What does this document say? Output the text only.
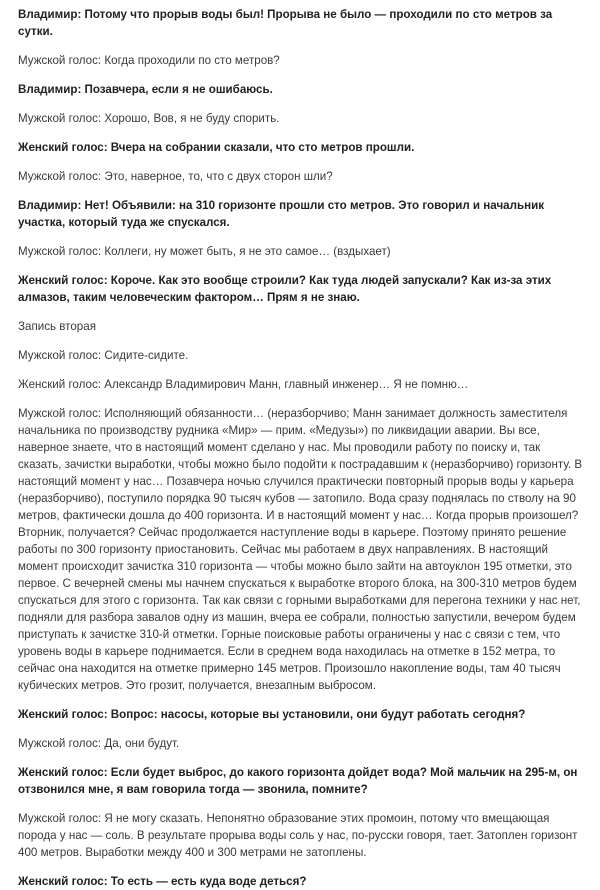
Владимир: Потому что прорыв воды был! Прорыва не было — проходили по сто метров за сутки.

Мужской голос: Когда проходили по сто метров?

Владимир: Позавчера, если я не ошибаюсь.

Мужской голос: Хорошо, Вов, я не буду спорить.

Женский голос: Вчера на собрании сказали, что сто метров прошли.

Мужской голос: Это, наверное, то, что с двух сторон шли?

Владимир: Нет! Объявили: на 310 горизонте прошли сто метров. Это говорил и начальник участка, который туда же спускался.

Мужской голос: Коллеги, ну может быть, я не это самое… (вздыхает)

Женский голос: Короче. Как это вообще строили? Как туда людей запускали? Как из-за этих алмазов, таким человеческим фактором… Прям я не знаю.

Запись вторая

Мужской голос: Сидите-сидите.

Женский голос: Александр Владимирович Манн, главный инженер… Я не помню…

Мужской голос: Исполняющий обязанности… (неразборчиво; Манн занимает должность заместителя начальника по производству рудника «Мир» — прим. «Медузы») по ликвидации аварии. Вы все, наверное знаете, что в настоящий момент сделано у нас. Мы проводили работу по поиску и, так сказать, зачистки выработки, чтобы можно было подойти к пострадавшим к (неразборчиво) горизонту. В настоящий момент у нас… Позавчера ночью случился практически повторный прорыв воды у карьера (неразборчиво), поступило порядка 90 тысяч кубов — затопило. Вода сразу поднялась по стволу на 90 метров, фактически дошла до 400 горизонта. И в настоящий момент у нас… Когда прорыв произошел? Вторник, получается? Сейчас продолжается наступление воды в карьере. Поэтому принято решение работы по 300 горизонту приостановить. Сейчас мы работаем в двух направлениях. В настоящий момент происходит зачистка 310 горизонта — чтобы можно было зайти на автоуклон 195 отметки, это первое. С вечерней смены мы начнем спускаться к выработке второго блока, на 300-310 метров будем спускаться для этого с горизонта. Так как связи с горными выработками для перегона техники у нас нет, подняли для разбора завалов одну из машин, вчера ее собрали, полностью запустили, вечером будем приступать к зачистке 310-й отметки. Горные поисковые работы ограничены у нас с связи с тем, что уровень воды в карьере поднимается. Если в среднем вода находилась на отметке в 152 метра, то сейчас она находится на отметке примерно 145 метров. Произошло накопление воды, там 40 тысяч кубических метров. Это грозит, получается, внезапным выбросом.

Женский голос: Вопрос: насосы, которые вы установили, они будут работать сегодня?

Мужской голос: Да, они будут.

Женский голос: Если будет выброс, до какого горизонта дойдет вода? Мой мальчик на 295-м, он отзвонился мне, я вам говорила тогда — звонила, помните?

Мужской голос: Я не могу сказать. Непонятно образование этих промоин, потому что вмещающая порода у нас — соль. В результате прорыва воды соль у нас, по-русски говоря, тает. Затоплен горизонт 400 метров. Выработки между 400 и 300 метрами не затоплены.

Женский голос: То есть — есть куда воде деться?
